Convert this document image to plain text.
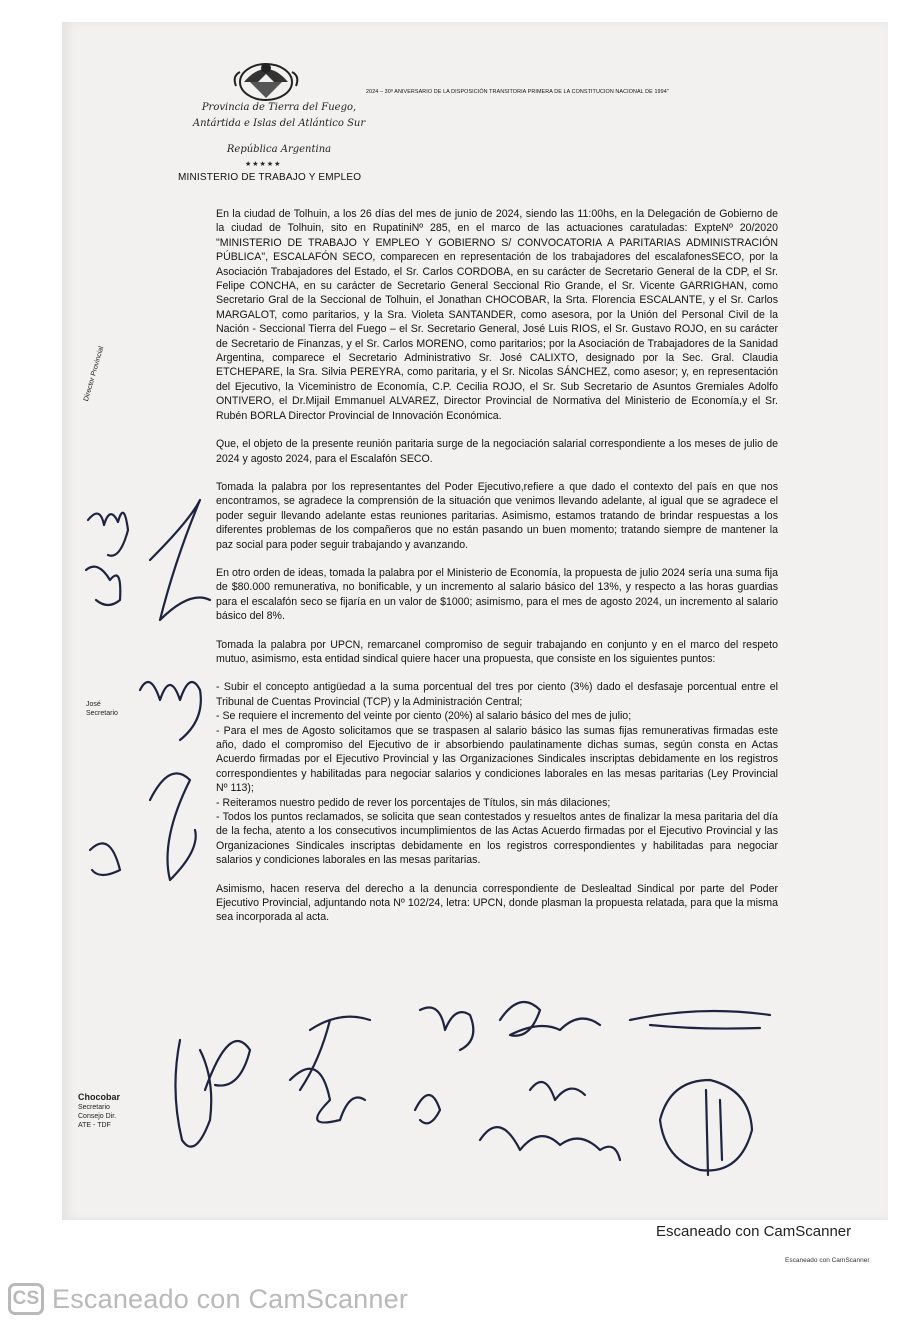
Provincia de Tierra del Fuego,
Antártida e Islas del Atlántico Sur
República Argentina
★★★★★
MINISTERIO DE TRABAJO Y EMPLEO
2024 – 30º ANIVERSARIO DE LA DISPOSICIÓN TRANSITORIA PRIMERA DE LA CONSTITUCION NACIONAL DE 1994"

En la ciudad de Tolhuin, a los 26 días del mes de junio de 2024, siendo las 11:00hs, en la Delegación de Gobierno de la ciudad de Tolhuin, sito en RupatiniNº 285, en el marco de las actuaciones caratuladas: ExpteNº 20/2020 "MINISTERIO DE TRABAJO Y EMPLEO Y GOBIERNO S/ CONVOCATORIA A PARITARIAS ADMINISTRACIÓN PÚBLICA", ESCALAFÓN SECO, comparecen en representación de los trabajadores del escalafonesSECO, por la Asociación Trabajadores del Estado, el Sr. Carlos CORDOBA, en su carácter de Secretario General de la CDP, el Sr. Felipe CONCHA, en su carácter de Secretario General Seccional Rio Grande, el Sr. Vicente GARRIGHAN, como Secretario Gral de la Seccional de Tolhuin, el Jonathan CHOCOBAR, la Srta. Florencia ESCALANTE, y el Sr. Carlos MARGALOT, como paritarios, y la Sra. Violeta SANTANDER, como asesora, por la Unión del Personal Civil de la Nación - Seccional Tierra del Fuego – el Sr. Secretario General, José Luis RIOS, el Sr. Gustavo ROJO, en su carácter de Secretario de Finanzas, y el Sr. Carlos MORENO, como paritarios; por la Asociación de Trabajadores de la Sanidad Argentina, comparece el Secretario Administrativo Sr. José CALIXTO, designado por la Sec. Gral. Claudia ETCHEPARE, la Sra. Silvia PEREYRA, como paritaria, y el Sr. Nicolas SÁNCHEZ, como asesor; y, en representación del Ejecutivo, la Viceministro de Economía, C.P. Cecilia ROJO, el Sr. Sub Secretario de Asuntos Gremiales Adolfo ONTIVERO, el Dr.Mijail Emmanuel ALVAREZ, Director Provincial de Normativa del Ministerio de Economía,y el Sr. Rubén BORLA Director Provincial de Innovación Económica.

Que, el objeto de la presente reunión paritaria surge de la negociación salarial correspondiente a los meses de julio de 2024 y agosto 2024, para el Escalafón SECO.

Tomada la palabra por los representantes del Poder Ejecutivo,refiere a que dado el contexto del país en que nos encontramos, se agradece la comprensión de la situación que venimos llevando adelante, al igual que se agradece el poder seguir llevando adelante estas reuniones paritarias. Asimismo, estamos tratando de brindar respuestas a los diferentes problemas de los compañeros que no están pasando un buen momento; tratando siempre de mantener la paz social para poder seguir trabajando y avanzando.

En otro orden de ideas, tomada la palabra por el Ministerio de Economía, la propuesta de julio 2024 sería una suma fija de $80.000 remunerativa, no bonificable, y un incremento al salario básico del 13%, y respecto a las horas guardias para el escalafón seco se fijaría en un valor de $1000; asimismo, para el mes de agosto 2024, un incremento al salario básico del 8%.

Tomada la palabra por UPCN, remarcanel compromiso de seguir trabajando en conjunto y en el marco del respeto mutuo, asimismo, esta entidad sindical quiere hacer una propuesta, que consiste en los siguientes puntos:

- Subir el concepto antigüedad a la suma porcentual del tres por ciento (3%) dado el desfasaje porcentual entre el Tribunal de Cuentas Provincial (TCP) y la Administración Central;

- Se requiere el incremento del veinte por ciento (20%) al salario básico del mes de julio;

- Para el mes de Agosto solicitamos que se traspasen al salario básico las sumas fijas remunerativas firmadas este año, dado el compromiso del Ejecutivo de ir absorbiendo paulatinamente dichas sumas, según consta en Actas Acuerdo firmadas por el Ejecutivo Provincial y las Organizaciones Sindicales inscriptas debidamente en los registros correspondientes y habilitadas para negociar salarios y condiciones laborales en las mesas paritarias (Ley Provincial Nº 113);

- Reiteramos nuestro pedido de rever los porcentajes de Títulos, sin más dilaciones;

- Todos los puntos reclamados, se solicita que sean contestados y resueltos antes de finalizar la mesa paritaria del día de la fecha, atento a los consecutivos incumplimientos de las Actas Acuerdo firmadas por el Ejecutivo Provincial y las Organizaciones Sindicales inscriptas debidamente en los registros correspondientes y habilitadas para negociar salarios y condiciones laborales en las mesas paritarias.

Asimismo, hacen reserva del derecho a la denuncia correspondiente de Deslealtad Sindical por parte del Poder Ejecutivo Provincial, adjuntando nota Nº 102/24, letra: UPCN, donde plasman la propuesta relatada, para que la misma sea incorporada al acta.

Director Provincial
José Secretario
Chocobar
Secretario
Consejo Dir.
ATE - TDF
Escaneado con CamScanner
Escaneado con CamScanner
CS Escaneado con CamScanner
